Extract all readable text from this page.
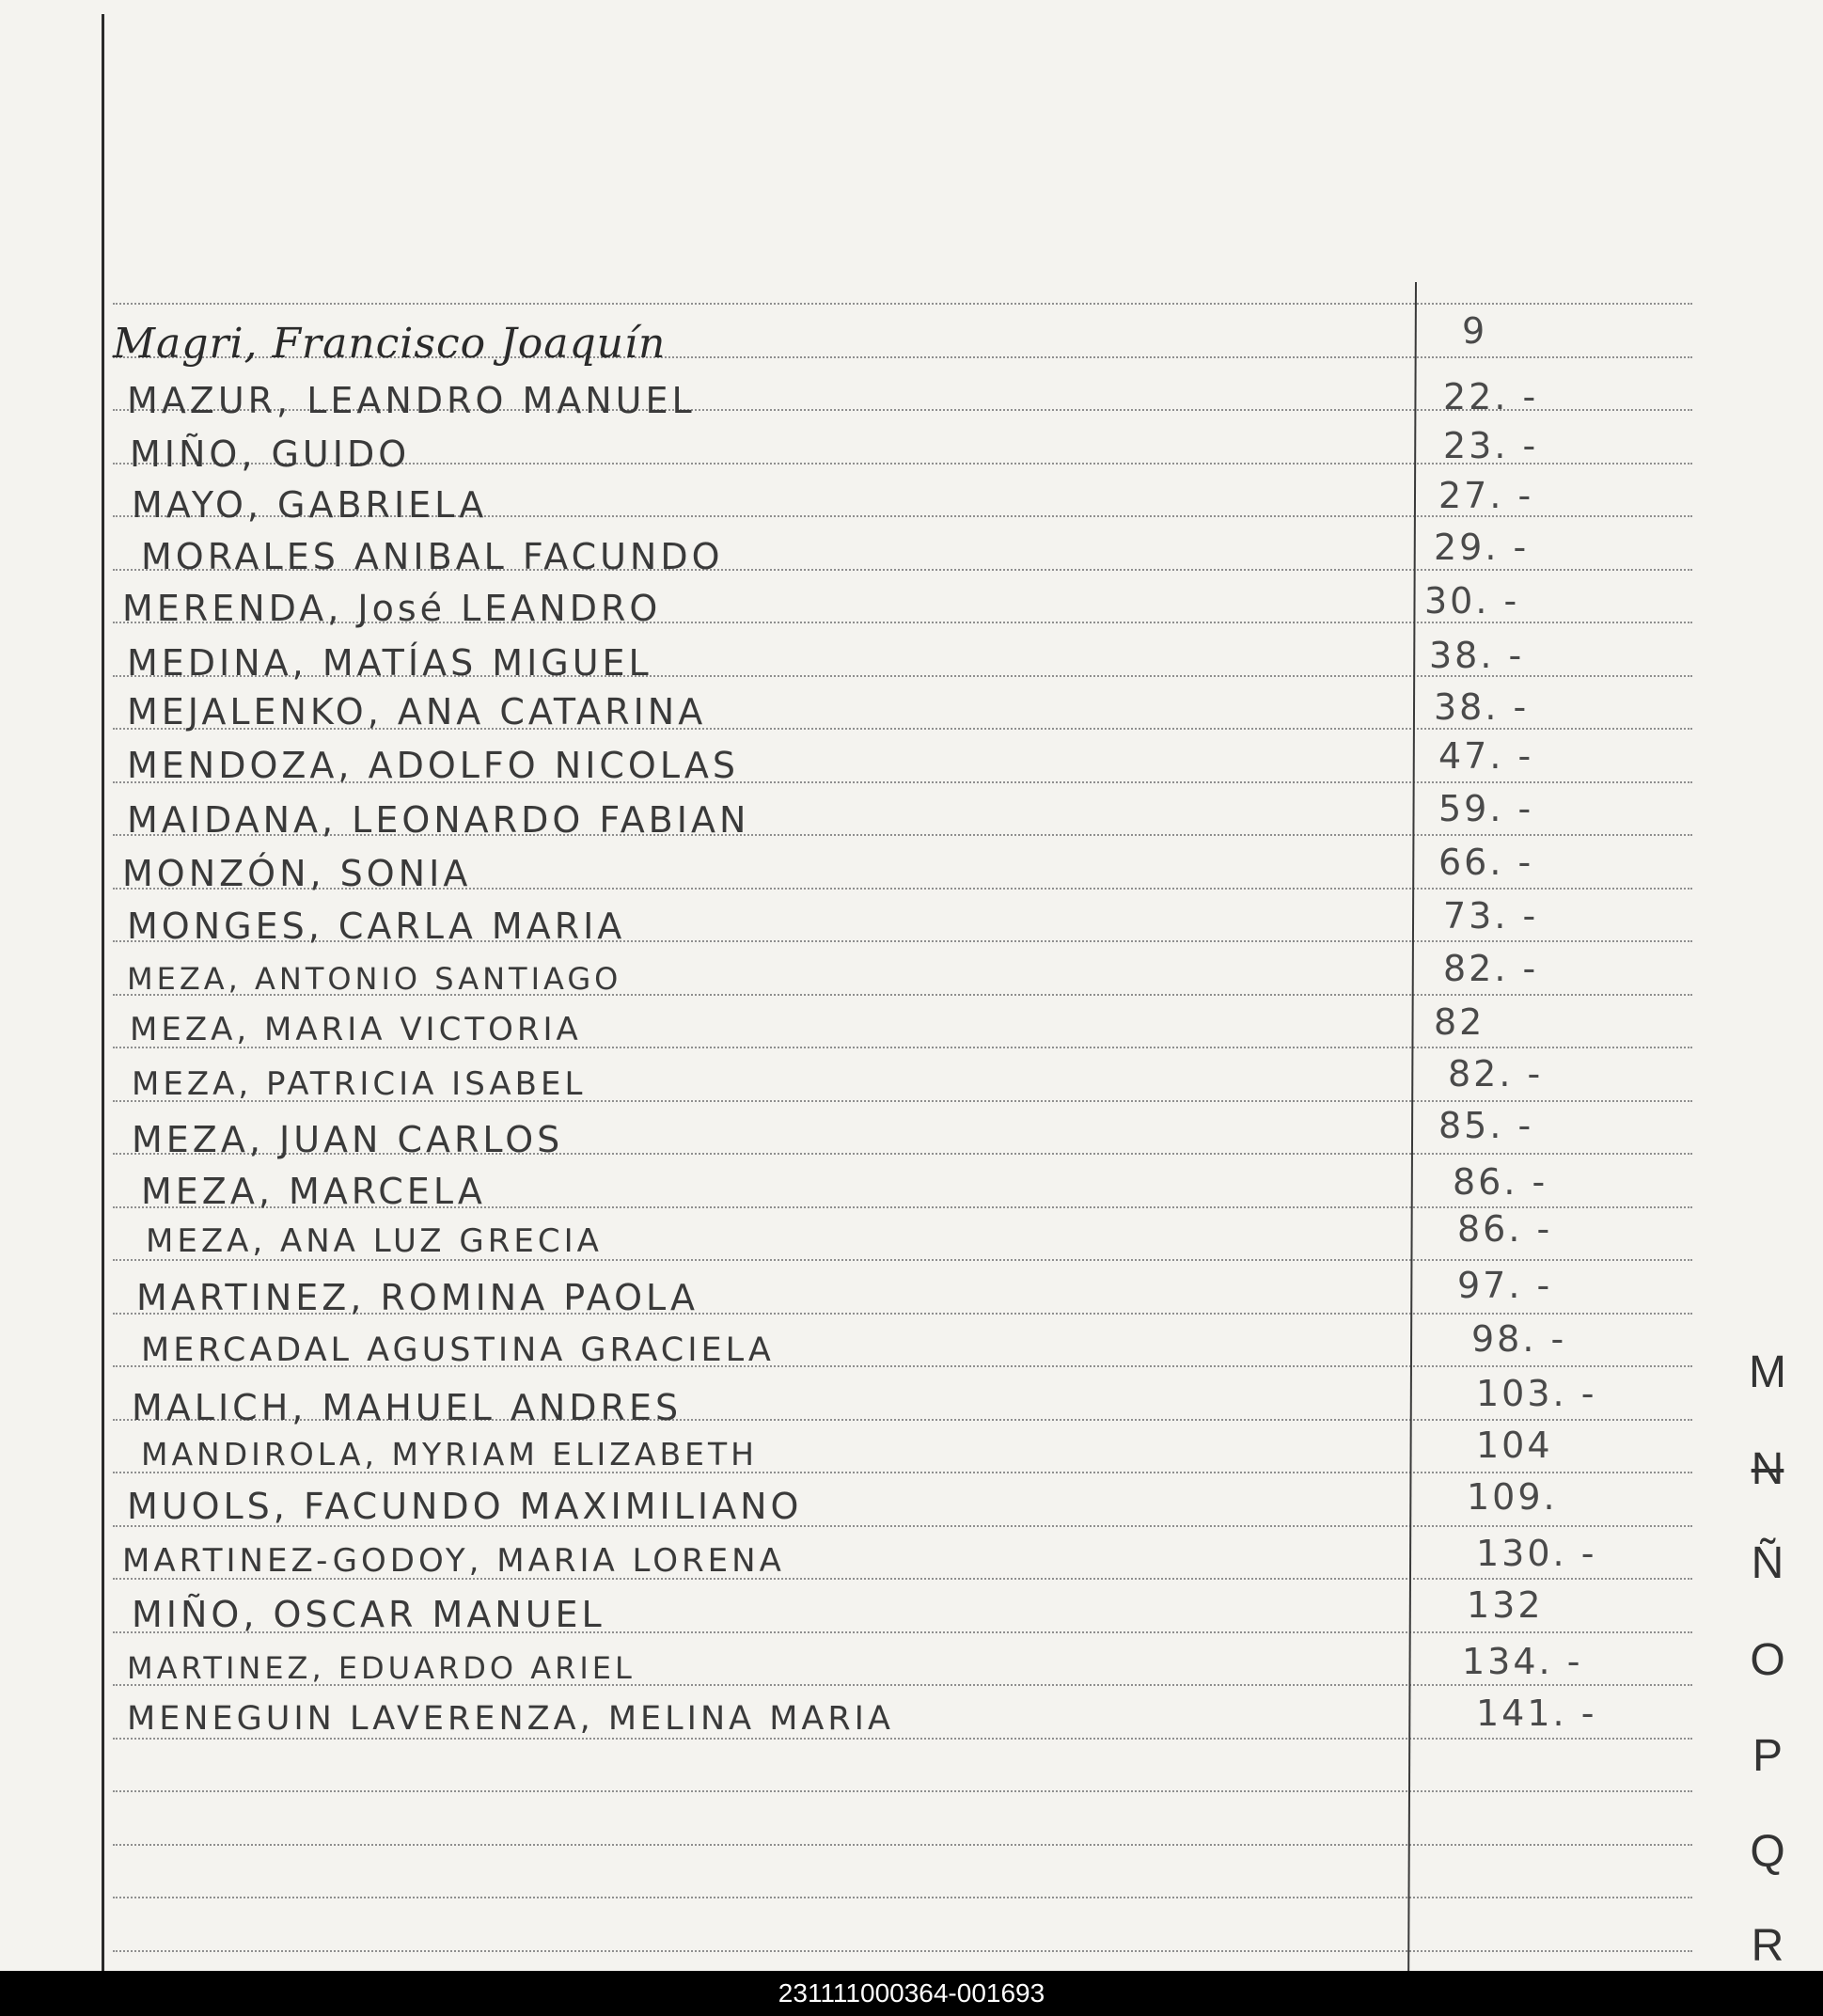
Magri, Francisco Joaquín	9
MAZUR, LEANDRO MANUEL	22. -
MIÑO, GUIDO	23. -
MAYO, GABRIELA	27. -
MORALES ANIBAL FACUNDO	29. -
MERENDA, José LEANDRO	30. -
MEDINA, MATÍAS MIGUEL	38. -
MEJALENKO, ANA CATARINA	38. -
MENDOZA, ADOLFO NICOLAS	47. -
MAIDANA, LEONARDO FABIAN	59. -
MONZÓN, SONIA	66. -
MONGES, CARLA MARIA	73. -
MEZA, ANTONIO SANTIAGO	82. -
MEZA, MARIA VICTORIA	82
MEZA, PATRICIA ISABEL	82. -
MEZA, JUAN CARLOS	85. -
MEZA, MARCELA	86. -
MEZA, ANA LUZ GRECIA	86. -
MARTINEZ, ROMINA PAOLA	97. -
MERCADAL AGUSTINA GRACIELA	98. -
MALICH, MAHUEL ANDRES	103. -
MANDIROLA, MYRIAM ELIZABETH	104
MUOLS, FACUNDO MAXIMILIANO	109.
MARTINEZ-GODOY, MARIA LORENA	130. -
MIÑO, OSCAR MANUEL	132
MARTINEZ, EDUARDO ARIEL	134. -
MENEGUIN LAVERENZA, MELINA MARIA	141. -
M
N
Ñ
O
P
Q
R
231111000364-001693
